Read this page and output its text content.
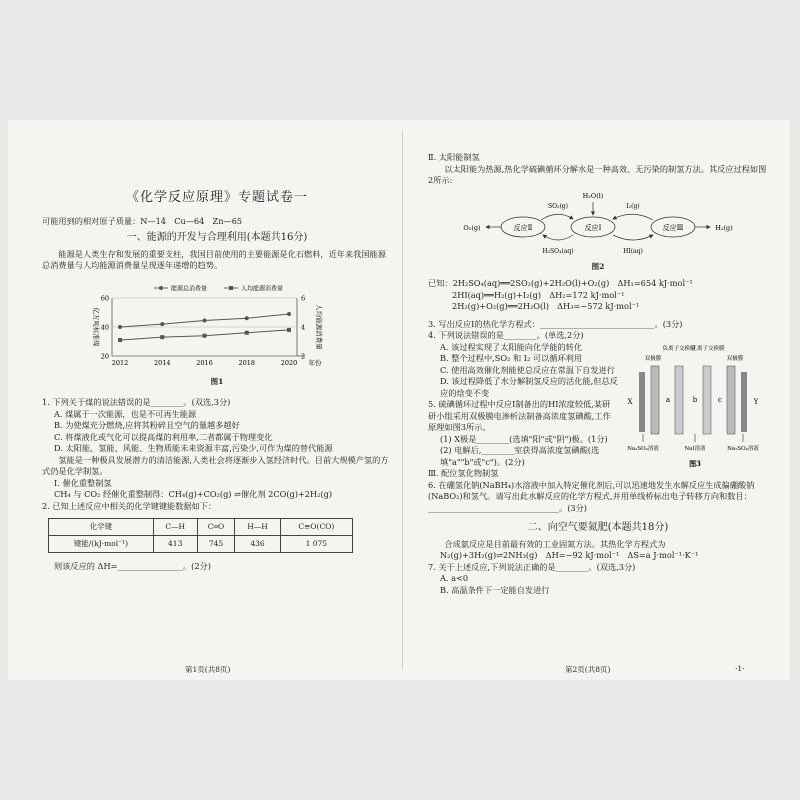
《化学反应原理》专题试卷一

可能用到的相对原子质量：N—14　Cu—64　Zn—65

一、能源的开发与合理利用(本题共16分)

能源是人类生存和发展的重要支柱，我国目前使用的主要能源是化石燃料，近年来我国能源总消费量与人均能源消费量呈现逐年递增的趋势。

20
40
60
2
4
6
2012	2014	2016	2018	2020 年份
亿万吨标准煤	人均能源消费量
能源总消费量	人均能源消费量

图1

1. 下列关于煤的说法错误的是________。(双选,3分)

A. 煤属于一次能源，也是不可再生能源

B. 为使煤充分燃烧,应将其粉碎且空气的量越多越好

C. 将煤液化或气化可以提高煤的利用率,二者都属于物理变化

D. 太阳能、氢能、风能、生物质能未来资源丰富,污染少,可作为煤的替代能源

氢能是一种极具发展潜力的清洁能源,人类社会将逐渐步入氢经济时代。目前大规模产氢的方式仍是化学制氢。

Ⅰ. 催化重整制氢

CH₄ 与 CO₂ 经催化重整制得：CH₄(g)+CO₂(g) ⇌催化剂 2CO(g)+2H₂(g)

2. 已知上述反应中相关的化学键键能数据如下：

化学键	C—H	C═O	H—H	C≡O(CO)
键能/(kJ·mol⁻¹)	413	745	436	1 075

则该反应的 ΔH=________________。(2分)

第1页(共8页)

Ⅱ. 太阳能制氢

以太阳能为热源,热化学硫碘循环分解水是一种高效、无污染的制氢方法。其反应过程如图2所示:

反应Ⅱ	反应Ⅰ	反应Ⅲ
H₂O(l)
SO₂(g)
H₂SO₄(aq)
I₂(g)
HI(aq)
O₂(g)	H₂(g)

图2

已知：2H₂SO₄(aq)══2SO₂(g)+2H₂O(l)+O₂(g)　ΔH₁=654 kJ·mol⁻¹

2HI(aq)══H₂(g)+I₂(g)　ΔH₂=172 kJ·mol⁻¹

2H₂(g)+O₂(g)══2H₂O(l)　ΔH₃=−572 kJ·mol⁻¹

3. 写出反应Ⅰ的热化学方程式：____________________________。(3分)

4. 下列说法错误的是________。(单选,2分)

A. 该过程实现了太阳能向化学能的转化

B. 整个过程中,SO₂ 和 I₂ 可以循环利用

C. 使用高效催化剂能使总反应在常温下自发进行

D. 该过程降低了水分解制氢反应的活化能,但总反应的焓变不变

5. 硫碘循环过程中反应Ⅰ制备出的HI浓度较低,某研研小组采用双极膜电渗析法制备高浓度氢碘酸,工作原理如图3所示。

(1) X极是________(选填"阳"或"阴")极。(1分)

(2) 电解后,________室获得高浓度氢碘酸(选填"a""b"或"c")。(2分)

负离子交换膜
正离子交换膜
双极膜	双极膜
X	Y
a	b	c
Na₂SO₄溶液	NaI溶液	Na₂SO₄溶液
图3

Ⅲ. 配位氢化物制氢

6. 在硼氢化钠(NaBH₄)水溶液中加入特定催化剂后,可以迅速地发生水解反应生成偏硼酸钠(NaBO₂)和氢气。请写出此水解反应的化学方程式,并用单线桥标出电子转移方向和数目：________________________________。(3分)

二、向空气要氮肥(本题共18分)

合成氨反应是目前最有效的工业固氮方法。其热化学方程式为

N₂(g)+3H₂(g)⇌2NH₃(g)　ΔH=−92 kJ·mol⁻¹　ΔS=a J·mol⁻¹·K⁻¹

7. 关于上述反应,下列说法正确的是________。(双选,3分)

A. a<0

B. 高温条件下一定能自发进行

第2页(共8页)	·1·
